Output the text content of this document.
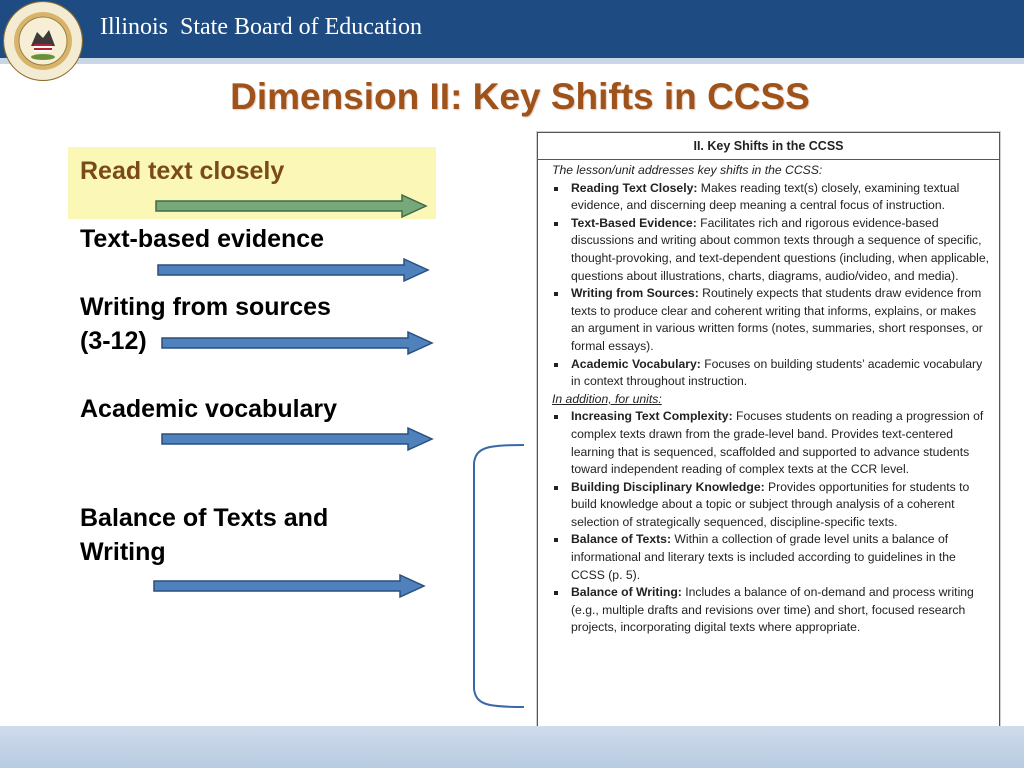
Illinois  State Board of Education
Dimension II: Key Shifts in CCSS
Read text closely
Text-based evidence
Writing from sources
(3-12)
Academic vocabulary
Balance of Texts and
Writing
II. Key Shifts in the CCSS
The lesson/unit addresses key shifts in the CCSS:
Reading Text Closely: Makes reading text(s) closely, examining textual evidence, and discerning deep meaning a central focus of instruction.
Text-Based Evidence: Facilitates rich and rigorous evidence-based discussions and writing about common texts through a sequence of specific, thought-provoking, and text-dependent questions (including, when applicable, questions about illustrations, charts, diagrams, audio/video, and media).
Writing from Sources: Routinely expects that students draw evidence from texts to produce clear and coherent writing that informs, explains, or makes an argument in various written forms (notes, summaries, short responses, or formal essays).
Academic Vocabulary: Focuses on building students’ academic vocabulary in context throughout instruction.
In addition, for units:
Increasing Text Complexity: Focuses students on reading a progression of complex texts drawn from the grade-level band. Provides text-centered learning that is sequenced, scaffolded and supported to advance students toward independent reading of complex texts at the CCR level.
Building Disciplinary Knowledge: Provides opportunities for students to build knowledge about a topic or subject through analysis of a coherent selection of strategically sequenced, discipline-specific texts.
Balance of Texts: Within a collection of grade level units a balance of informational and literary texts is included according to guidelines in the CCSS (p. 5).
Balance of Writing: Includes a balance of on-demand and process writing (e.g., multiple drafts and revisions over time) and short, focused research projects, incorporating digital texts where appropriate.
